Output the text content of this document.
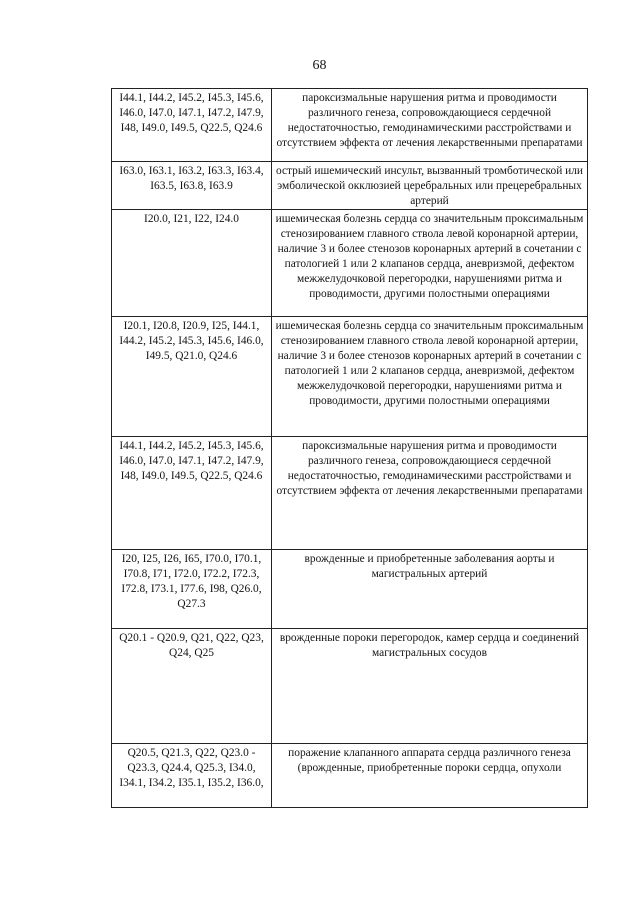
68
I44.1, I44.2, I45.2, I45.3, I45.6, I46.0, I47.0, I47.1, I47.2, I47.9, I48, I49.0, I49.5, Q22.5, Q24.6	пароксизмальные нарушения ритма и проводимости различного генеза, сопровождающиеся сердечной недостаточностью, гемодинамическими расстройствами и отсутствием эффекта от лечения лекарственными препаратами
I63.0, I63.1, I63.2, I63.3, I63.4, I63.5, I63.8, I63.9	острый ишемический инсульт, вызванный тромботической или эмболической окклюзией церебральных или прецеребральных артерий
I20.0, I21, I22, I24.0	ишемическая болезнь сердца со значительным проксимальным стенозированием главного ствола левой коронарной артерии, наличие 3 и более стенозов коронарных артерий в сочетании с патологией 1 или 2 клапанов сердца, аневризмой, дефектом межжелудочковой перегородки, нарушениями ритма и проводимости, другими полостными операциями
I20.1, I20.8, I20.9, I25, I44.1, I44.2, I45.2, I45.3, I45.6, I46.0, I49.5, Q21.0, Q24.6	ишемическая болезнь сердца со значительным проксимальным стенозированием главного ствола левой коронарной артерии, наличие 3 и более стенозов коронарных артерий в сочетании с патологией 1 или 2 клапанов сердца, аневризмой, дефектом межжелудочковой перегородки, нарушениями ритма и проводимости, другими полостными операциями
I44.1, I44.2, I45.2, I45.3, I45.6, I46.0, I47.0, I47.1, I47.2, I47.9, I48, I49.0, I49.5, Q22.5, Q24.6	пароксизмальные нарушения ритма и проводимости различного генеза, сопровождающиеся сердечной недостаточностью, гемодинамическими расстройствами и отсутствием эффекта от лечения лекарственными препаратами
I20, I25, I26, I65, I70.0, I70.1, I70.8, I71, I72.0, I72.2, I72.3, I72.8, I73.1, I77.6, I98, Q26.0, Q27.3	врожденные и приобретенные заболевания аорты и магистральных артерий
Q20.1 - Q20.9, Q21, Q22, Q23, Q24, Q25	врожденные пороки перегородок, камер сердца и соединений магистральных сосудов
Q20.5, Q21.3, Q22, Q23.0 - Q23.3, Q24.4, Q25.3, I34.0, I34.1, I34.2, I35.1, I35.2, I36.0,	поражение клапанного аппарата сердца различного генеза (врожденные, приобретенные пороки сердца, опухоли
